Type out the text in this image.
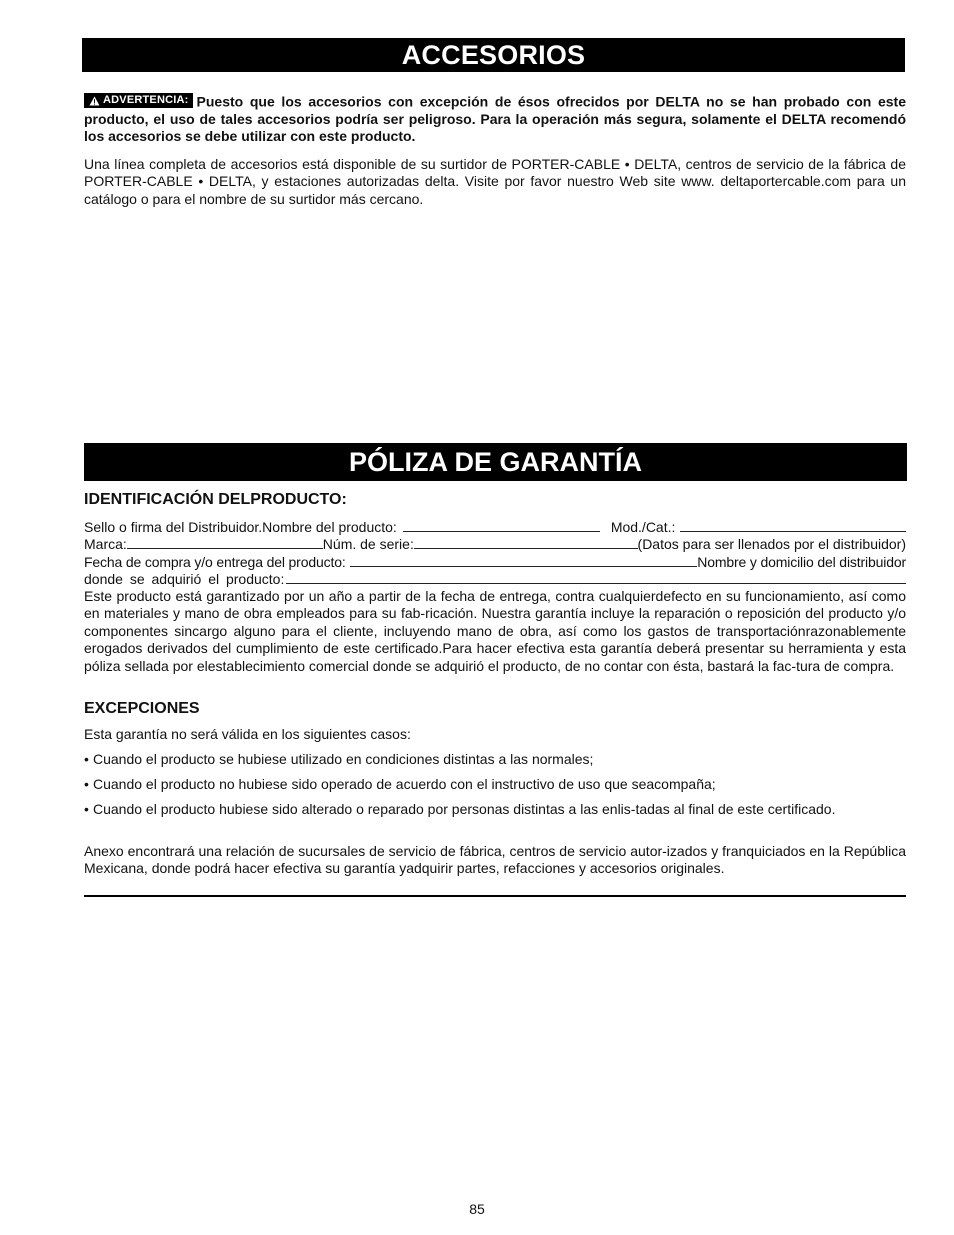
ACCESORIOS
ADVERTENCIA: Puesto que los accesorios con excepción de ésos ofrecidos por DELTA no se han probado con este producto, el uso de tales accesorios podría ser peligroso. Para la operación más segura, solamente el DELTA recomendó los accesorios se debe utilizar con este producto.
Una línea completa de accesorios está disponible de su surtidor de PORTER-CABLE • DELTA, centros de servicio de la fábrica de PORTER-CABLE • DELTA, y estaciones autorizadas delta. Visite por favor nuestro Web site www. deltaportercable.com para un catálogo o para el nombre de su surtidor más cercano.
PÓLIZA DE GARANTÍA
IDENTIFICACIÓN DELPRODUCTO:
Sello o firma del Distribuidor.Nombre del producto:	Mod./Cat.:
Marca:	Núm. de serie:	(Datos para ser llenados por el distribuidor)
Fecha de compra y/o entrega del producto:	Nombre y domicilio del distribuidor
donde se adquirió el producto:
Este producto está garantizado por un año a partir de la fecha de entrega, contra cualquierdefecto en su funcionamiento, así como en materiales y mano de obra empleados para su fab-ricación. Nuestra garantía incluye la reparación o reposición del producto y/o componentes sincargo alguno para el cliente, incluyendo mano de obra, así como los gastos de transportaciónrazonablemente erogados derivados del cumplimiento de este certificado.Para hacer efectiva esta garantía deberá presentar su herramienta y esta póliza sellada por elestablecimiento comercial donde se adquirió el producto, de no contar con ésta, bastará la fac-tura de compra.
EXCEPCIONES
Esta garantía no será válida en los siguientes casos:
• Cuando el producto se hubiese utilizado en condiciones distintas a las normales;
• Cuando el producto no hubiese sido operado de acuerdo con el instructivo de uso que seacompaña;
• Cuando el producto hubiese sido alterado o reparado por personas distintas a las enlis-tadas al final de este certificado.
Anexo encontrará una relación de sucursales de servicio de fábrica, centros de servicio autor-izados y franquiciados en la República Mexicana, donde podrá hacer efectiva su garantía yadquirir partes, refacciones y accesorios originales.
85
